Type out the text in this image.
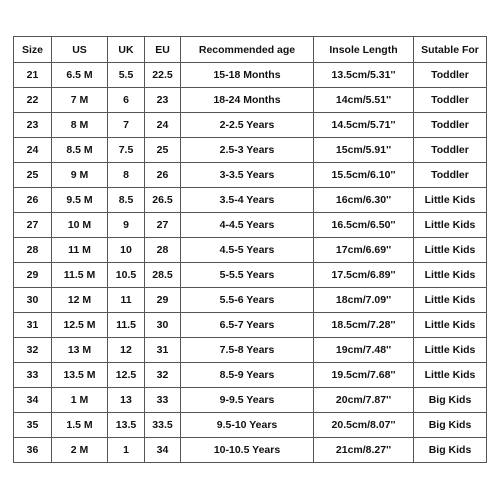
Size	US	UK	EU	Recommended age	Insole Length	Sutable For
21	6.5 M	5.5	22.5	15-18 Months	13.5cm/5.31''	Toddler
22	7 M	6	23	18-24 Months	14cm/5.51''	Toddler
23	8 M	7	24	2-2.5 Years	14.5cm/5.71''	Toddler
24	8.5 M	7.5	25	2.5-3 Years	15cm/5.91''	Toddler
25	9 M	8	26	3-3.5 Years	15.5cm/6.10''	Toddler
26	9.5 M	8.5	26.5	3.5-4 Years	16cm/6.30''	Little Kids
27	10 M	9	27	4-4.5 Years	16.5cm/6.50''	Little Kids
28	11 M	10	28	4.5-5 Years	17cm/6.69''	Little Kids
29	11.5 M	10.5	28.5	5-5.5 Years	17.5cm/6.89''	Little Kids
30	12 M	11	29	5.5-6 Years	18cm/7.09''	Little Kids
31	12.5 M	11.5	30	6.5-7 Years	18.5cm/7.28''	Little Kids
32	13 M	12	31	7.5-8 Years	19cm/7.48''	Little Kids
33	13.5 M	12.5	32	8.5-9 Years	19.5cm/7.68''	Little Kids
34	1 M	13	33	9-9.5 Years	20cm/7.87''	Big Kids
35	1.5 M	13.5	33.5	9.5-10 Years	20.5cm/8.07''	Big Kids
36	2 M	1	34	10-10.5 Years	21cm/8.27''	Big Kids
